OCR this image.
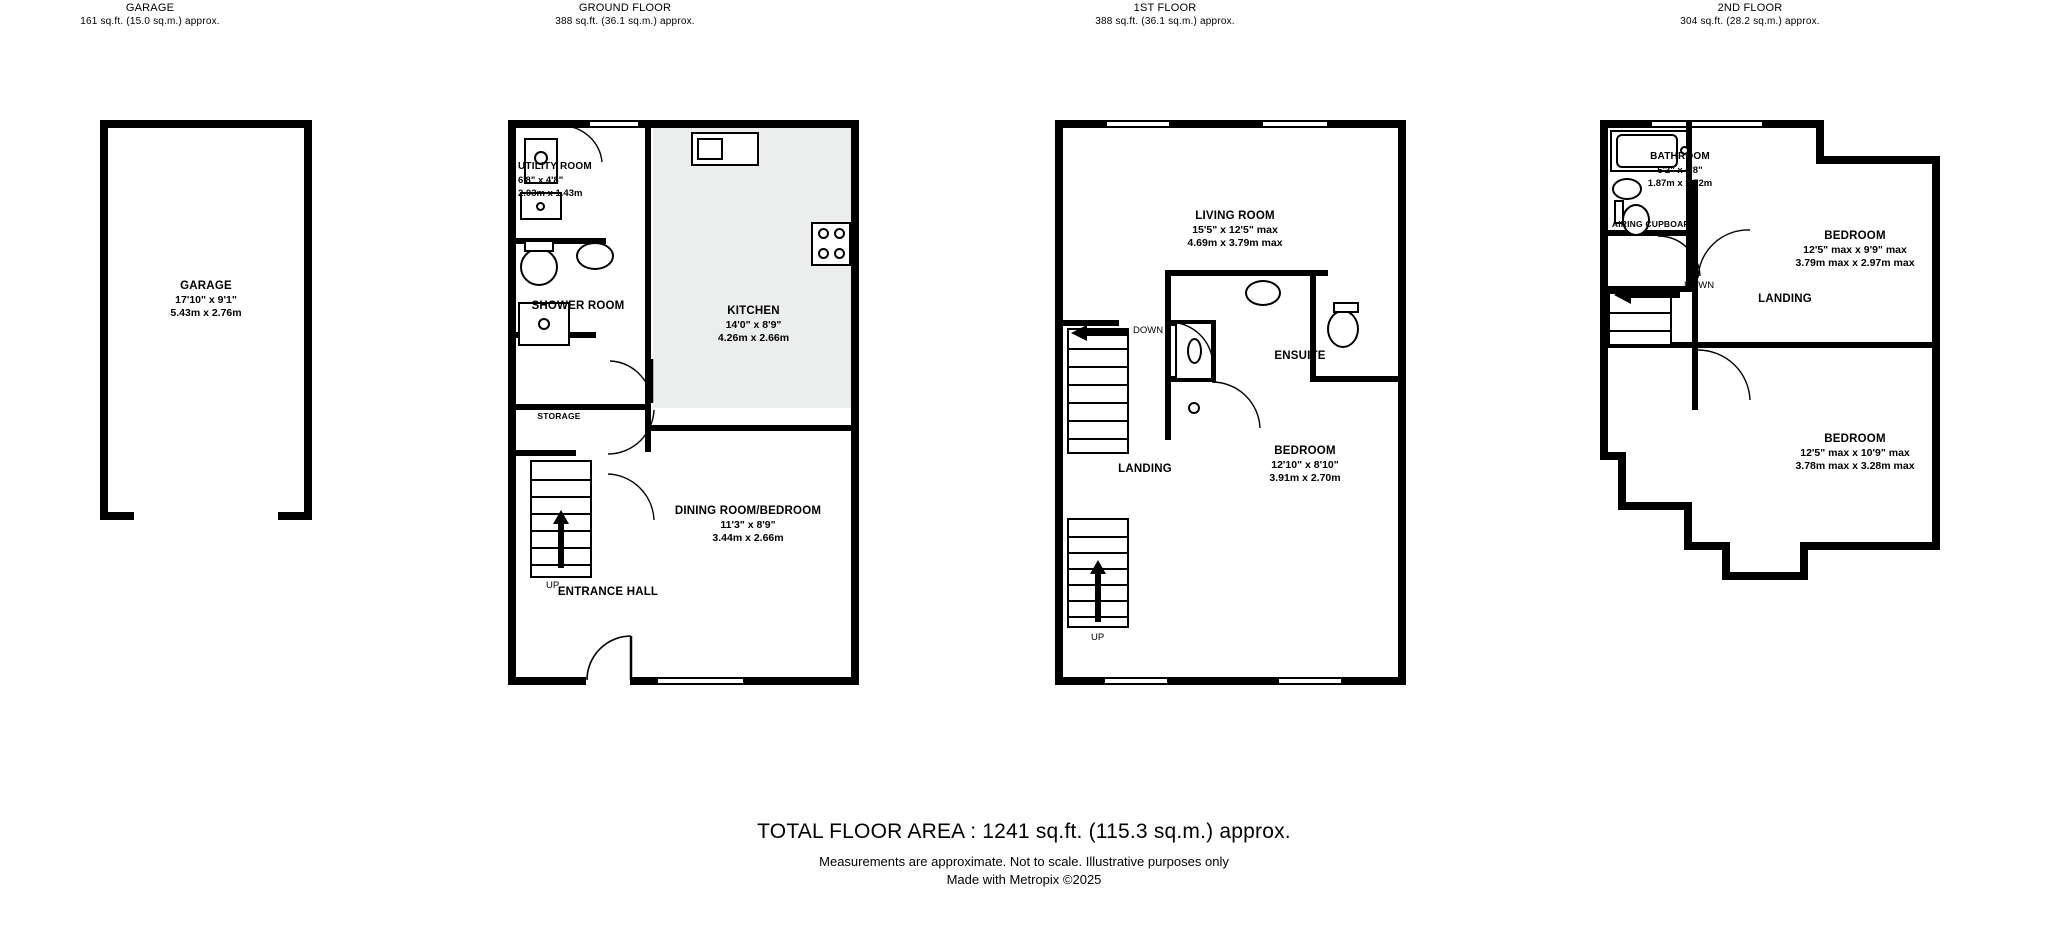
GARAGE
161 sq.ft. (15.0 sq.m.) approx.
GROUND FLOOR
388 sq.ft. (36.1 sq.m.) approx.
1ST FLOOR
388 sq.ft. (36.1 sq.m.) approx.
2ND FLOOR
304 sq.ft. (28.2 sq.m.) approx.
GARAGE
17'10" x 9'1"
5.43m x 2.76m
UP
UTILITY ROOM
6'8" x 4'8"
2.03m x 1.43m
SHOWER ROOM	KITCHEN
14'0" x 8'9"
4.26m x 2.66m
STORAGE
DINING ROOM/BEDROOM
11'3" x 8'9"
3.44m x 2.66m
ENTRANCE HALL
DOWN
UP
LIVING ROOM
15'5" x 12'5" max
4.69m x 3.79m max
ENSUITE
BEDROOM
12'10" x 8'10"
3.91m x 2.70m
LANDING
DOWN
BATHROOM
6'2" x 5'8"
1.87m x 1.72m
AIRING CUPBOARD
LANDING
BEDROOM
12'5" max x 9'9" max
3.79m max x 2.97m max
BEDROOM
12'5" max x 10'9" max
3.78m max x 3.28m max
TOTAL FLOOR AREA : 1241 sq.ft. (115.3 sq.m.) approx.
Measurements are approximate. Not to scale. Illustrative purposes only
Made with Metropix ©2025
